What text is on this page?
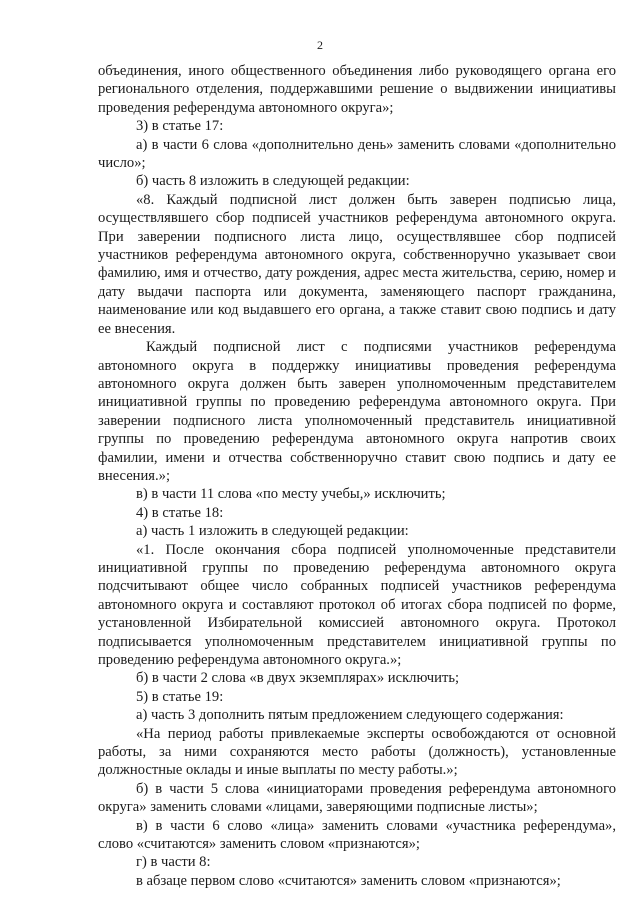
2

объединения, иного общественного объединения либо руководящего органа его регионального отделения, поддержавшими решение о выдвижении инициативы проведения референдума автономного округа»;

3) в статье 17:

а) в части 6 слова «дополнительно день» заменить словами «дополнительно число»;

б) часть 8 изложить в следующей редакции:

«8. Каждый подписной лист должен быть заверен подписью лица, осуществлявшего сбор подписей участников референдума автономного округа. При заверении подписного листа лицо, осуществлявшее сбор подписей участников референдума автономного округа, собственноручно указывает свои фамилию, имя и отчество, дату рождения, адрес места жительства, серию, номер и дату выдачи паспорта или документа, заменяющего паспорт гражданина, наименование или код выдавшего его органа, а также ставит свою подпись и дату ее внесения.

Каждый подписной лист с подписями участников референдума автономного округа в поддержку инициативы проведения референдума автономного округа должен быть заверен уполномоченным представителем инициативной группы по проведению референдума автономного округа. При заверении подписного листа уполномоченный представитель инициативной группы по проведению референдума автономного округа напротив своих фамилии, имени и отчества собственноручно ставит свою подпись и дату ее внесения.»;

в) в части 11 слова «по месту учебы,» исключить;

4) в статье 18:

а) часть 1 изложить в следующей редакции:

«1. После окончания сбора подписей уполномоченные представители инициативной группы по проведению референдума автономного округа подсчитывают общее число собранных подписей участников референдума автономного округа и составляют протокол об итогах сбора подписей по форме, установленной Избирательной комиссией автономного округа. Протокол подписывается уполномоченным представителем инициативной группы по проведению референдума автономного округа.»;

б) в части 2 слова «в двух экземплярах» исключить;

5) в статье 19:

а) часть 3 дополнить пятым предложением следующего содержания:

«На период работы привлекаемые эксперты освобождаются от основной работы, за ними сохраняются место работы (должность), установленные должностные оклады и иные выплаты по месту работы.»;

б) в части 5 слова «инициаторами проведения референдума автономного округа» заменить словами «лицами, заверяющими подписные листы»;

в) в части 6 слово «лица» заменить словами «участника референдума», слово «считаются» заменить словом «признаются»;

г) в части 8:

в абзаце первом слово «считаются» заменить словом «признаются»;
